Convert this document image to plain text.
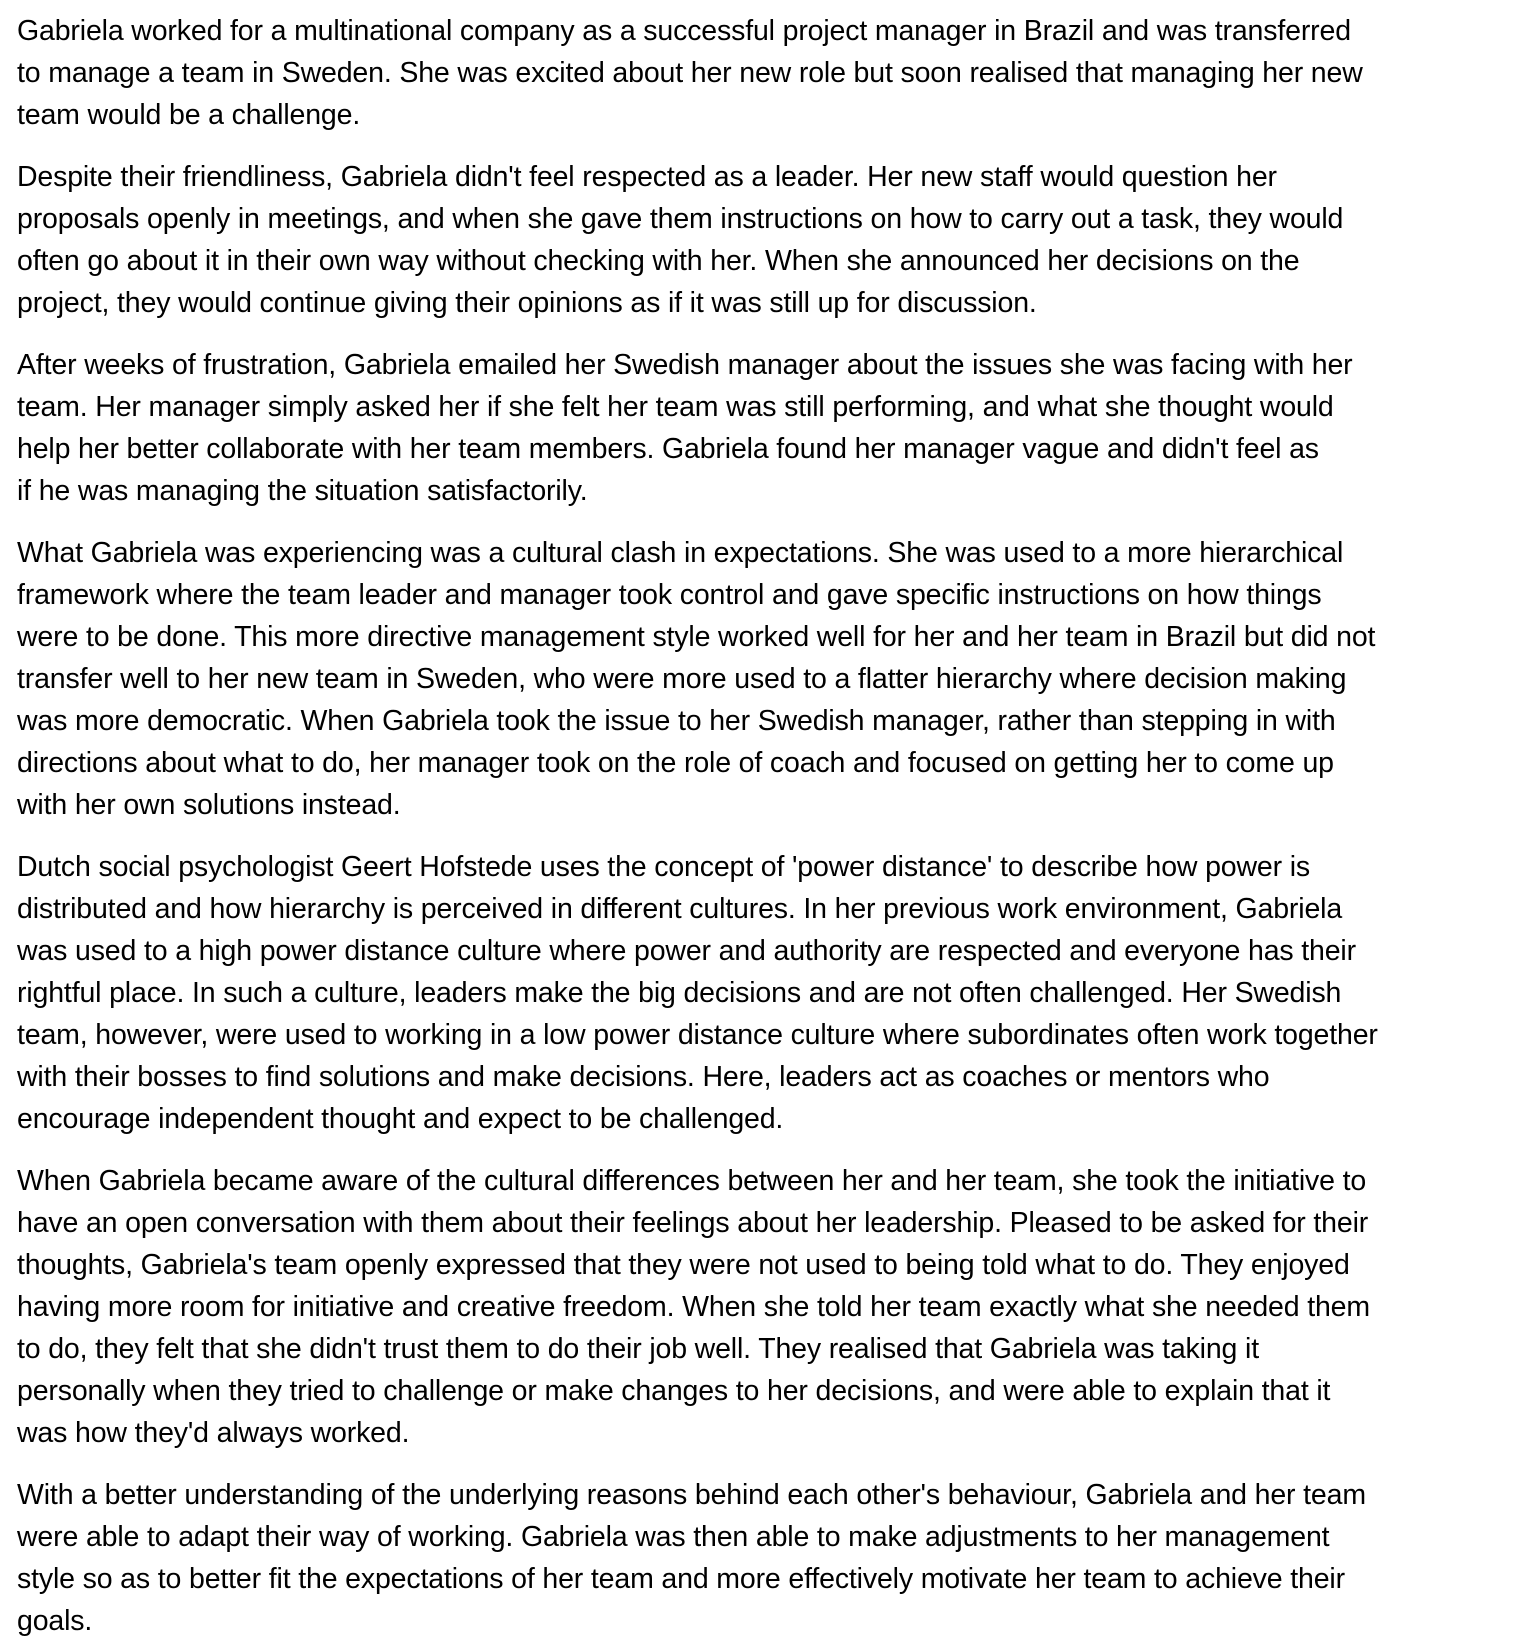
Gabriela worked for a multinational company as a successful project manager in Brazil and was transferred
to manage a team in Sweden. She was excited about her new role but soon realised that managing her new
team would be a challenge.

Despite their friendliness, Gabriela didn't feel respected as a leader. Her new staff would question her
proposals openly in meetings, and when she gave them instructions on how to carry out a task, they would
often go about it in their own way without checking with her. When she announced her decisions on the
project, they would continue giving their opinions as if it was still up for discussion.

After weeks of frustration, Gabriela emailed her Swedish manager about the issues she was facing with her
team. Her manager simply asked her if she felt her team was still performing, and what she thought would
help her better collaborate with her team members. Gabriela found her manager vague and didn't feel as
if he was managing the situation satisfactorily.

What Gabriela was experiencing was a cultural clash in expectations. She was used to a more hierarchical
framework where the team leader and manager took control and gave specific instructions on how things
were to be done. This more directive management style worked well for her and her team in Brazil but did not
transfer well to her new team in Sweden, who were more used to a flatter hierarchy where decision making
was more democratic. When Gabriela took the issue to her Swedish manager, rather than stepping in with
directions about what to do, her manager took on the role of coach and focused on getting her to come up
with her own solutions instead.

Dutch social psychologist Geert Hofstede uses the concept of 'power distance' to describe how power is
distributed and how hierarchy is perceived in different cultures. In her previous work environment, Gabriela
was used to a high power distance culture where power and authority are respected and everyone has their
rightful place. In such a culture, leaders make the big decisions and are not often challenged. Her Swedish
team, however, were used to working in a low power distance culture where subordinates often work together
with their bosses to find solutions and make decisions. Here, leaders act as coaches or mentors who
encourage independent thought and expect to be challenged.

When Gabriela became aware of the cultural differences between her and her team, she took the initiative to
have an open conversation with them about their feelings about her leadership. Pleased to be asked for their
thoughts, Gabriela's team openly expressed that they were not used to being told what to do. They enjoyed
having more room for initiative and creative freedom. When she told her team exactly what she needed them
to do, they felt that she didn't trust them to do their job well. They realised that Gabriela was taking it
personally when they tried to challenge or make changes to her decisions, and were able to explain that it
was how they'd always worked.

With a better understanding of the underlying reasons behind each other's behaviour, Gabriela and her team
were able to adapt their way of working. Gabriela was then able to make adjustments to her management
style so as to better fit the expectations of her team and more effectively motivate her team to achieve their
goals.
